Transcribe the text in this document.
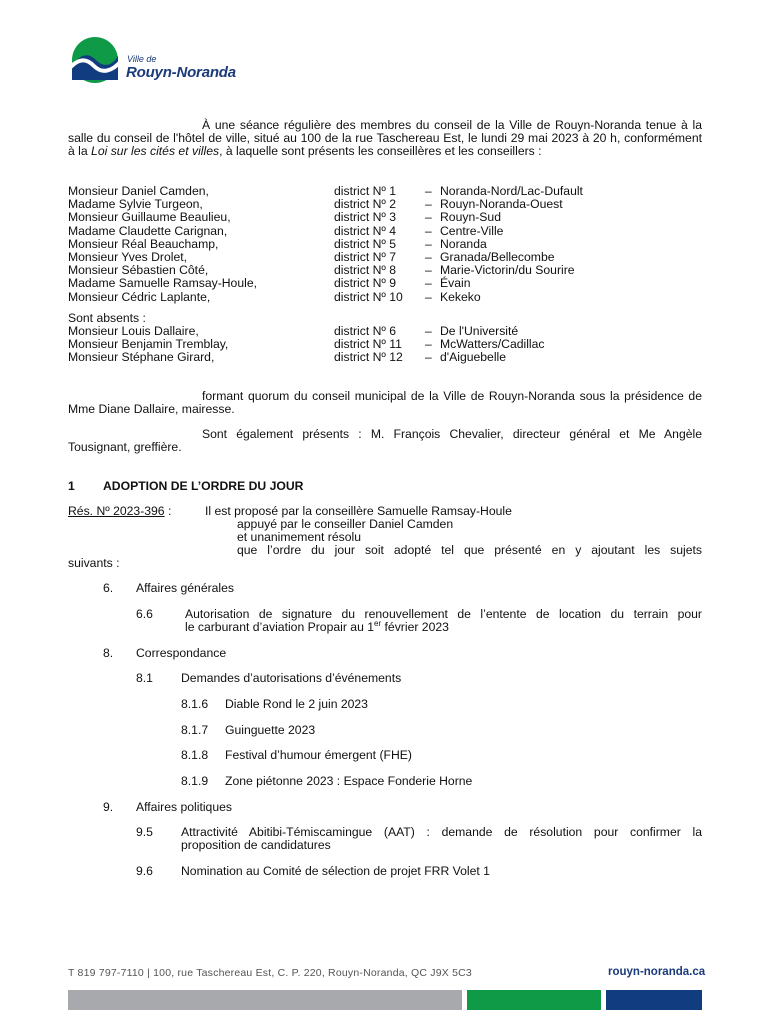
Ville de
Rouyn-Noranda

À une séance régulière des membres du conseil de la Ville de Rouyn-Noranda tenue à la salle du conseil de l'hôtel de ville, situé au 100 de la rue Taschereau Est, le lundi 29 mai 2023 à 20 h, conformément à la Loi sur les cités et villes, à laquelle sont présents les conseillères et les conseillers :

Monsieur Daniel Camden,	district Nº 1	–	Noranda-Nord/Lac-Dufault
Madame Sylvie Turgeon,	district Nº 2	–	Rouyn-Noranda-Ouest
Monsieur Guillaume Beaulieu,	district Nº 3	–	Rouyn-Sud
Madame Claudette Carignan,	district Nº 4	–	Centre-Ville
Monsieur Réal Beauchamp,	district Nº 5	–	Noranda
Monsieur Yves Drolet,	district Nº 7	–	Granada/Bellecombe
Monsieur Sébastien Côté,	district Nº 8	–	Marie-Victorin/du Sourire
Madame Samuelle Ramsay-Houle,	district Nº 9	–	Évain
Monsieur Cédric Laplante,	district Nº 10	–	Kekeko
Sont absents :
Monsieur Louis Dallaire,	district Nº 6	–	De l'Université
Monsieur Benjamin Tremblay,	district Nº 11	–	McWatters/Cadillac
Monsieur Stéphane Girard,	district Nº 12	–	d'Aiguebelle

formant quorum du conseil municipal de la Ville de Rouyn-Noranda sous la présidence de Mme Diane Dallaire, mairesse.

Sont également présents : M. François Chevalier, directeur général et Me Angèle Tousignant, greffière.

1 ADOPTION DE L’ORDRE DU JOUR
Rés. Nº 2023-396 :	Il est proposé par la conseillère Samuelle Ramsay-Houle
appuyé par le conseiller Daniel Camden
et unanimement résolu
que l’ordre du jour soit adopté tel que présenté en y ajoutant les sujets
suivants :
6. Affaires générales
6.6	Autorisation de signature du renouvellement de l’entente de location du terrain pour
le carburant d’aviation Propair au 1er février 2023
8. Correspondance
8.1 Demandes d’autorisations d’événements
8.1.6 Diable Rond le 2 juin 2023
8.1.7 Guinguette 2023
8.1.8 Festival d’humour émergent (FHE)
8.1.9 Zone piétonne 2023 : Espace Fonderie Horne
9. Affaires politiques
9.5 Attractivité Abitibi-Témiscamingue (AAT) : demande de résolution pour confirmer la
proposition de candidatures
9.6 Nomination au Comité de sélection de projet FRR Volet 1
T 819 797-7110 | 100, rue Taschereau Est, C. P. 220, Rouyn-Noranda, QC J9X 5C3	rouyn-noranda.ca
